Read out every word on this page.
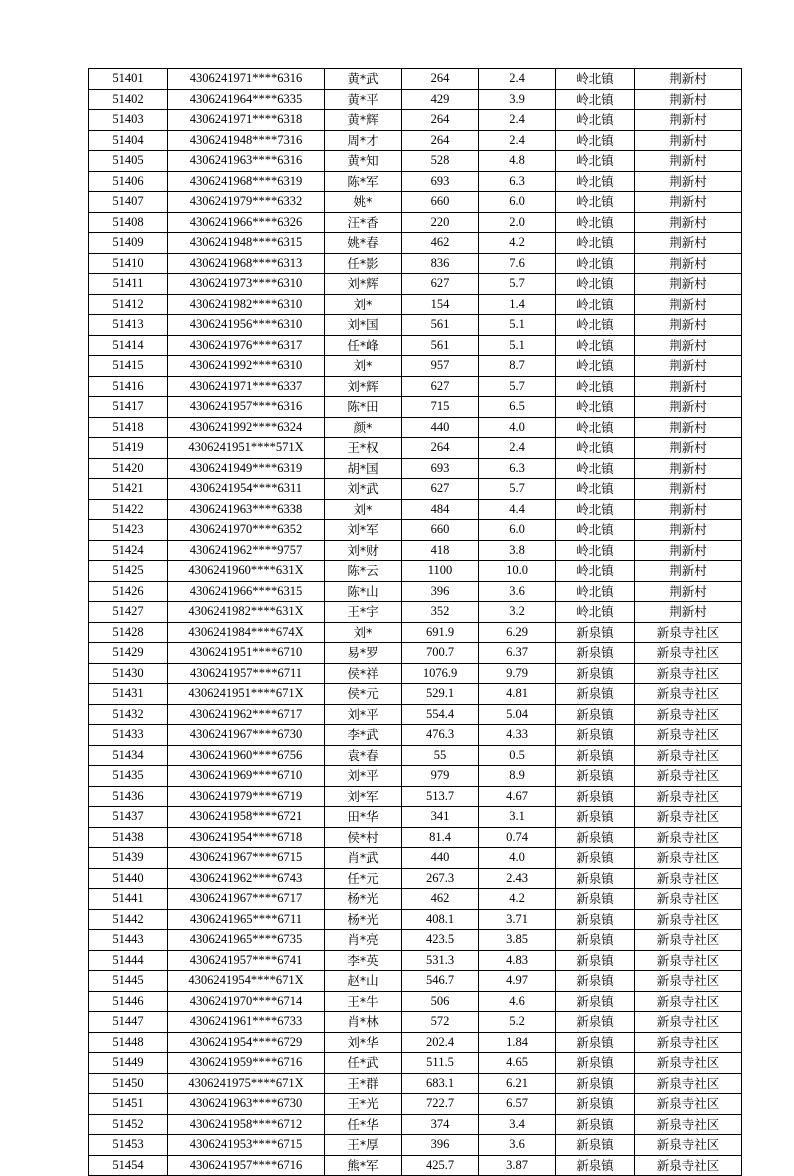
51401	4306241971****6316	黄*武	264	2.4	岭北镇	荆新村
51402	4306241964****6335	黄*平	429	3.9	岭北镇	荆新村
51403	4306241971****6318	黄*辉	264	2.4	岭北镇	荆新村
51404	4306241948****7316	周*才	264	2.4	岭北镇	荆新村
51405	4306241963****6316	黄*知	528	4.8	岭北镇	荆新村
51406	4306241968****6319	陈*军	693	6.3	岭北镇	荆新村
51407	4306241979****6332	姚*	660	6.0	岭北镇	荆新村
51408	4306241966****6326	汪*香	220	2.0	岭北镇	荆新村
51409	4306241948****6315	姚*春	462	4.2	岭北镇	荆新村
51410	4306241968****6313	任*影	836	7.6	岭北镇	荆新村
51411	4306241973****6310	刘*辉	627	5.7	岭北镇	荆新村
51412	4306241982****6310	刘*	154	1.4	岭北镇	荆新村
51413	4306241956****6310	刘*国	561	5.1	岭北镇	荆新村
51414	4306241976****6317	任*峰	561	5.1	岭北镇	荆新村
51415	4306241992****6310	刘*	957	8.7	岭北镇	荆新村
51416	4306241971****6337	刘*辉	627	5.7	岭北镇	荆新村
51417	4306241957****6316	陈*田	715	6.5	岭北镇	荆新村
51418	4306241992****6324	颜*	440	4.0	岭北镇	荆新村
51419	4306241951****571X	王*权	264	2.4	岭北镇	荆新村
51420	4306241949****6319	胡*国	693	6.3	岭北镇	荆新村
51421	4306241954****6311	刘*武	627	5.7	岭北镇	荆新村
51422	4306241963****6338	刘*	484	4.4	岭北镇	荆新村
51423	4306241970****6352	刘*军	660	6.0	岭北镇	荆新村
51424	4306241962****9757	刘*财	418	3.8	岭北镇	荆新村
51425	4306241960****631X	陈*云	1100	10.0	岭北镇	荆新村
51426	4306241966****6315	陈*山	396	3.6	岭北镇	荆新村
51427	4306241982****631X	王*宇	352	3.2	岭北镇	荆新村
51428	4306241984****674X	刘*	691.9	6.29	新泉镇	新泉寺社区
51429	4306241951****6710	易*罗	700.7	6.37	新泉镇	新泉寺社区
51430	4306241957****6711	侯*祥	1076.9	9.79	新泉镇	新泉寺社区
51431	4306241951****671X	侯*元	529.1	4.81	新泉镇	新泉寺社区
51432	4306241962****6717	刘*平	554.4	5.04	新泉镇	新泉寺社区
51433	4306241967****6730	李*武	476.3	4.33	新泉镇	新泉寺社区
51434	4306241960****6756	袁*春	55	0.5	新泉镇	新泉寺社区
51435	4306241969****6710	刘*平	979	8.9	新泉镇	新泉寺社区
51436	4306241979****6719	刘*军	513.7	4.67	新泉镇	新泉寺社区
51437	4306241958****6721	田*华	341	3.1	新泉镇	新泉寺社区
51438	4306241954****6718	侯*村	81.4	0.74	新泉镇	新泉寺社区
51439	4306241967****6715	肖*武	440	4.0	新泉镇	新泉寺社区
51440	4306241962****6743	任*元	267.3	2.43	新泉镇	新泉寺社区
51441	4306241967****6717	杨*光	462	4.2	新泉镇	新泉寺社区
51442	4306241965****6711	杨*光	408.1	3.71	新泉镇	新泉寺社区
51443	4306241965****6735	肖*亮	423.5	3.85	新泉镇	新泉寺社区
51444	4306241957****6741	李*英	531.3	4.83	新泉镇	新泉寺社区
51445	4306241954****671X	赵*山	546.7	4.97	新泉镇	新泉寺社区
51446	4306241970****6714	王*牛	506	4.6	新泉镇	新泉寺社区
51447	4306241961****6733	肖*林	572	5.2	新泉镇	新泉寺社区
51448	4306241954****6729	刘*华	202.4	1.84	新泉镇	新泉寺社区
51449	4306241959****6716	任*武	511.5	4.65	新泉镇	新泉寺社区
51450	4306241975****671X	王*群	683.1	6.21	新泉镇	新泉寺社区
51451	4306241963****6730	王*光	722.7	6.57	新泉镇	新泉寺社区
51452	4306241958****6712	任*华	374	3.4	新泉镇	新泉寺社区
51453	4306241953****6715	王*厚	396	3.6	新泉镇	新泉寺社区
51454	4306241957****6716	熊*军	425.7	3.87	新泉镇	新泉寺社区
